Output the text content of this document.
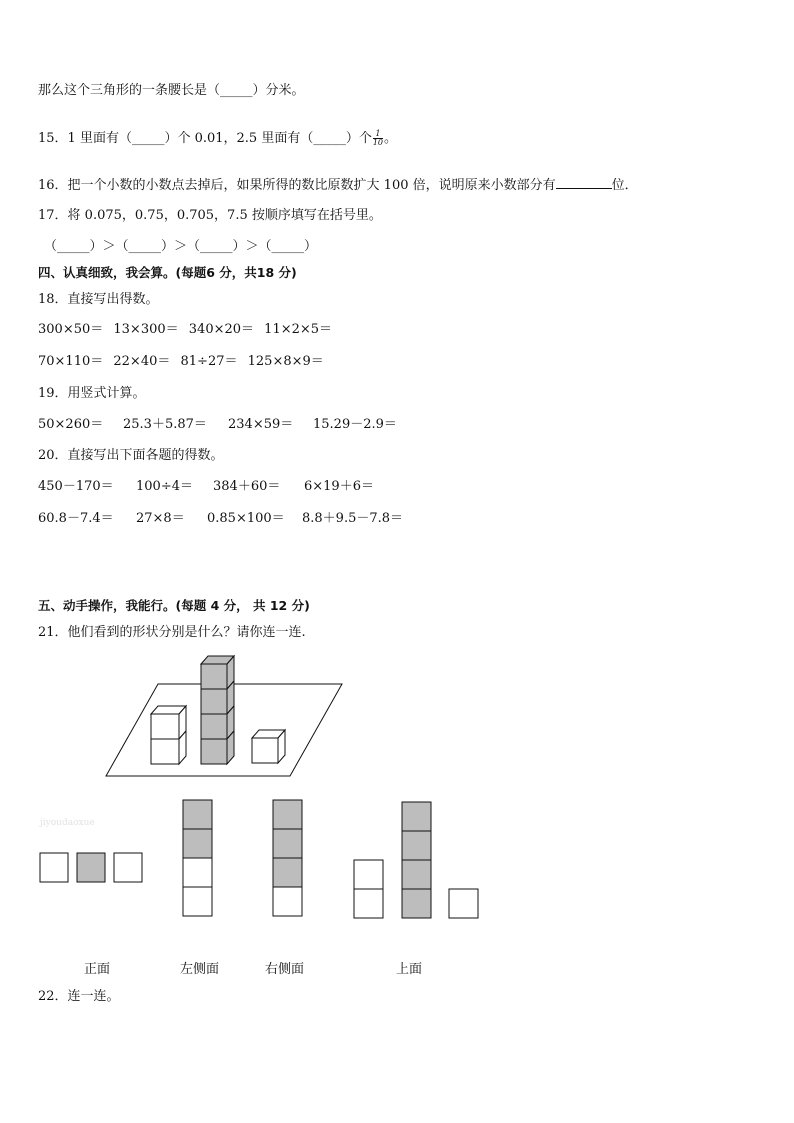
那么这个三角形的一条腰长是（_____）分米。
15．1 里面有（_____）个 0.01，2.5 里面有（_____）个 $\frac{1}{10}$ 。
16．把一个小数的小数点去掉后，如果所得的数比原数扩大 100 倍，说明原来小数部分有	位．
17．将 0.075，0.75，0.705，7.5 按顺序填写在括号里。
（_____）＞（_____）＞（_____）＞（_____）
四、认真细致，我会算。(每题6 分，共18 分)
18．直接写出得数。
300×50＝ 13×300＝ 340×20＝ 11×2×5＝
70×110＝ 22×40＝ 81÷27＝ 125×8×9＝
19．用竖式计算。
50×260＝ 25.3＋5.87＝ 234×59＝ 15.29－2.9＝
20．直接写出下面各题的得数。
450－170＝ 100÷4＝ 384＋60＝ 6×19＋6＝
60.8－7.4＝ 27×8＝ 0.85×100＝ 8.8＋9.5－7.8＝
五、动手操作，我能行。(每题 4 分， 共 12 分)
21．他们看到的形状分别是什么？请你连一连.
jiyoudaoxue
正面	左侧面	右侧面	上面
22．连一连。
